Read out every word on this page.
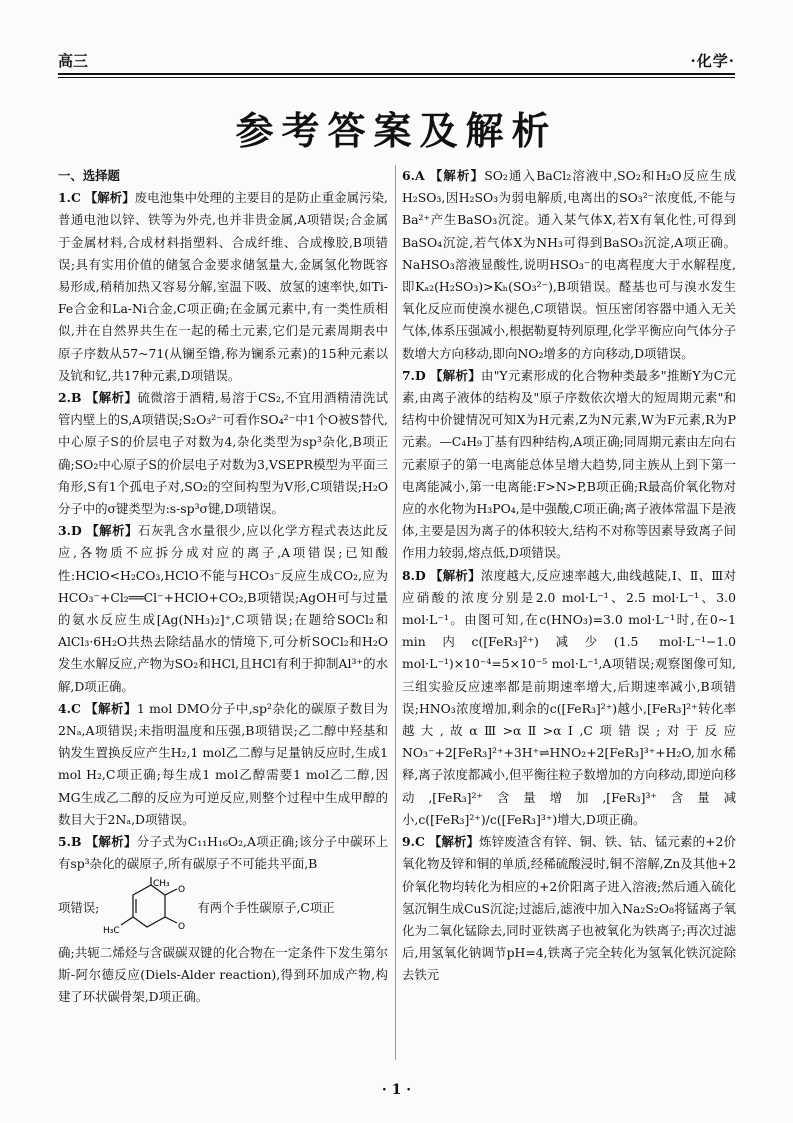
高三	·化学·
参考答案及解析
一、选择题

1.C 【解析】废电池集中处理的主要目的是防止重金属污染,普通电池以锌、铁等为外壳,也并非贵金属,A项错误;合金属于金属材料,合成材料指塑料、合成纤维、合成橡胶,B项错误;具有实用价值的储氢合金要求储氢量大,金属氢化物既容易形成,稍稍加热又容易分解,室温下吸、放氢的速率快,如Ti-Fe合金和La-Ni合金,C项正确;在金属元素中,有一类性质相似,并在自然界共生在一起的稀土元素,它们是元素周期表中原子序数从57~71(从镧至镥,称为镧系元素)的15种元素以及钪和钇,共17种元素,D项错误。

2.B 【解析】硫微溶于酒精,易溶于CS₂,不宜用酒精清洗试管内壁上的S,A项错误;S₂O₃²⁻可看作SO₄²⁻中1个O被S替代,中心原子S的价层电子对数为4,杂化类型为sp³杂化,B项正确;SO₂中心原子S的价层电子对数为3,VSEPR模型为平面三角形,S有1个孤电子对,SO₂的空间构型为V形,C项错误;H₂O分子中的σ键类型为:s-sp³σ键,D项错误。

3.D 【解析】石灰乳含水量很少,应以化学方程式表达此反应,各物质不应拆分成对应的离子,A项错误;已知酸性:HClO<H₂CO₃,HClO不能与HCO₃⁻反应生成CO₂,应为HCO₃⁻+Cl₂══Cl⁻+HClO+CO₂,B项错误;AgOH可与过量的氨水反应生成[Ag(NH₃)₂]⁺,C项错误;在题给SOCl₂和AlCl₃·6H₂O共热去除结晶水的情境下,可分析SOCl₂和H₂O发生水解反应,产物为SO₂和HCl,且HCl有利于抑制Al³⁺的水解,D项正确。

4.C 【解析】1 mol DMO分子中,sp²杂化的碳原子数目为2Nₐ,A项错误;未指明温度和压强,B项错误;乙二醇中羟基和钠发生置换反应产生H₂,1 mol乙二醇与足量钠反应时,生成1 mol H₂,C项正确;每生成1 mol乙醇需要1 mol乙二醇,因MG生成乙二醇的反应为可逆反应,则整个过程中生成甲醇的数目大于2Nₐ,D项错误。

5.B 【解析】分子式为C₁₁H₁₆O₂,A项正确;该分子中碳环上有sp³杂化的碳原子,所有碳原子不可能共平面,B
项错误;
CH₃
O
O
H₃C
有两个手性碳原子,C项正
确;共轭二烯烃与含碳碳双键的化合物在一定条件下发生第尔斯-阿尔德反应(Diels-Alder reaction),得到环加成产物,构建了环状碳骨架,D项正确。

6.A 【解析】SO₂通入BaCl₂溶液中,SO₂和H₂O反应生成H₂SO₃,因H₂SO₃为弱电解质,电离出的SO₃²⁻浓度低,不能与Ba²⁺产生BaSO₃沉淀。通入某气体X,若X有氧化性,可得到BaSO₄沉淀,若气体X为NH₃可得到BaSO₃沉淀,A项正确。NaHSO₃溶液显酸性,说明HSO₃⁻的电离程度大于水解程度,即Kₐ₂(H₂SO₃)>Kₕ(SO₃²⁻),B项错误。醛基也可与溴水发生氧化反应而使溴水褪色,C项错误。恒压密闭容器中通入无关气体,体系压强减小,根据勒夏特列原理,化学平衡应向气体分子数增大方向移动,即向NO₂增多的方向移动,D项错误。

7.D 【解析】由"Y元素形成的化合物种类最多"推断Y为C元素,由离子液体的结构及"原子序数依次增大的短周期元素"和结构中价键情况可知X为H元素,Z为N元素,W为F元素,R为P元素。—C₄H₉丁基有四种结构,A项正确;同周期元素由左向右元素原子的第一电离能总体呈增大趋势,同主族从上到下第一电离能减小,第一电离能:F>N>P,B项正确;R最高价氧化物对应的水化物为H₃PO₄,是中强酸,C项正确;离子液体常温下是液体,主要是因为离子的体积较大,结构不对称等因素导致离子间作用力较弱,熔点低,D项错误。

8.D 【解析】浓度越大,反应速率越大,曲线越陡,Ⅰ、Ⅱ、Ⅲ对应硝酸的浓度分别是2.0 mol·L⁻¹、2.5 mol·L⁻¹、3.0 mol·L⁻¹。由图可知,在c(HNO₃)=3.0 mol·L⁻¹时,在0~1 min内c([FeR₃]²⁺)减少(1.5 mol·L⁻¹−1.0 mol·L⁻¹)×10⁻⁴=5×10⁻⁵ mol·L⁻¹,A项错误;观察图像可知,三组实验反应速率都是前期速率增大,后期速率减小,B项错误;HNO₃浓度增加,剩余的c([FeR₃]²⁺)越小,[FeR₃]²⁺转化率越大,故αⅢ>αⅡ>αⅠ,C项错误;对于反应NO₃⁻+2[FeR₃]²⁺+3H⁺⇌HNO₂+2[FeR₃]³⁺+H₂O,加水稀释,离子浓度都减小,但平衡往粒子数增加的方向移动,即逆向移动,[FeR₃]²⁺含量增加,[FeR₃]³⁺含量减小,c([FeR₃]²⁺)/c([FeR₃]³⁺)增大,D项正确。

9.C 【解析】炼锌废渣含有锌、铜、铁、钴、锰元素的+2价氧化物及锌和铜的单质,经稀硫酸浸时,铜不溶解,Zn及其他+2价氧化物均转化为相应的+2价阳离子进入溶液;然后通入硫化氢沉铜生成CuS沉淀;过滤后,滤液中加入Na₂S₂O₈将锰离子氧化为二氧化锰除去,同时亚铁离子也被氧化为铁离子;再次过滤后,用氢氧化钠调节pH=4,铁离子完全转化为氢氧化铁沉淀除去铁元

· 1 ·
